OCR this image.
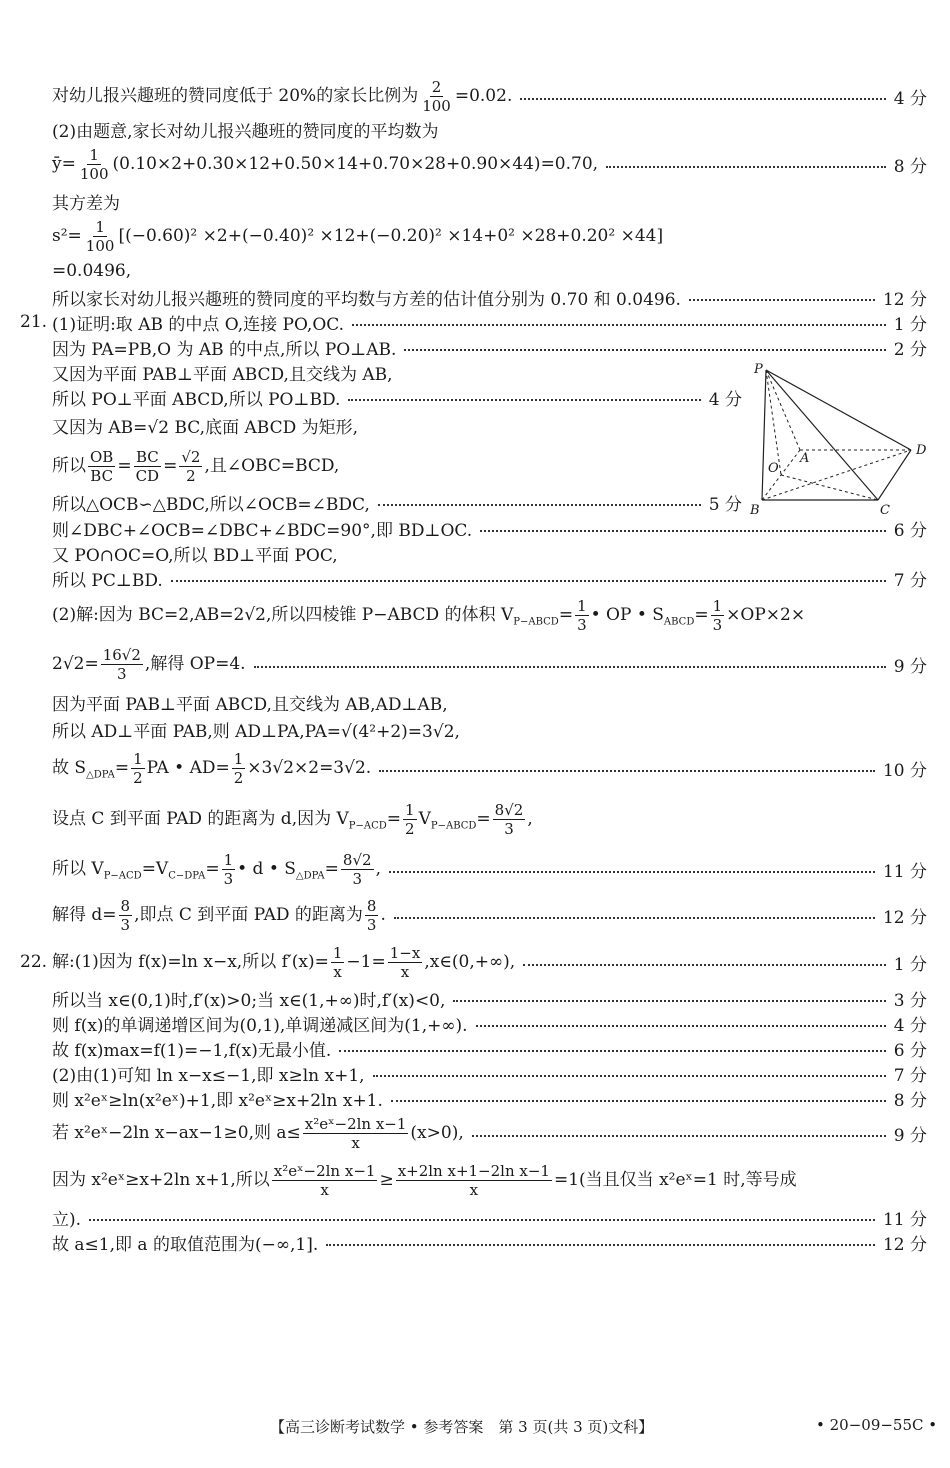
对幼儿报兴趣班的赞同度低于 20%的家长比例为 $\frac{2}{100} =0.02$.	4 分
(2)由题意,家长对幼儿报兴趣班的赞同度的平均数为
ȳ= $\frac{1}{100} (0.10\times 2+0.30\times 12+0.50\times 14+0.70\times 28+0.90\times 44)=0.70$,	8 分
其方差为
$s^2= \frac{1}{100} [(-0.60)^2 \times 2+(-0.40)^2 \times 12+(-0.20)^2 \times 14+0^2 \times 28+0.20^2 \times 44]$
=0.0496,
所以家长对幼儿报兴趣班的赞同度的平均数与方差的估计值分别为 0.70 和 0.0496.	12 分
21. (1)证明:取 AB 的中点 O,连接 PO,OC.	1 分
因为 PA=PB,O 为 AB 的中点,所以 PO⊥AB.	2 分
又因为平面 PAB⊥平面 ABCD,且交线为 AB,
所以 PO⊥平面 ABCD,所以 PO⊥BD.	4 分
又因为 AB=√2 BC,底面 ABCD 为矩形,
所以 $\frac{OB}{BC} = \frac{BC}{CD} = \frac{√2}{2}$ ,且∠OBC=BCD,
所以△OCB∽△BDC,所以∠OCB=∠BDC,	5 分
则∠DBC+∠OCB=∠DBC+∠BDC=90°,即 BD⊥OC.	6 分
又 PO∩OC=O,所以 BD⊥平面 POC,
所以 PC⊥BD.	7 分
(2)解:因为 BC=2,AB=2√2,所以四棱锥 P−ABCD 的体积 $V_{P-ABCD}= \frac{1}{3}$ • OP • $S_{ABCD}= \frac{1}{3} \times OP\times 2\times$
$2√2= \frac{16√2}{3}$ ,解得 OP=4.	9 分
因为平面 PAB⊥平面 ABCD,且交线为 AB,AD⊥AB,
所以 AD⊥平面 PAB,则 AD⊥PA,PA=√(4²+2)=3√2,
故 $S_{\triangle DPA}= \frac{1}{2}$ PA • $AD= \frac{1}{2} \times 3√2\times 2=3√2$.	10 分
设点 C 到平面 PAD 的距离为 d,因为 $V_{P-ACD}= \frac{1}{2} V_{P-ABCD}= \frac{8√2}{3}$ ,
所以 $V_{P-ACD}=V_{C-DPA}= \frac{1}{3}$ • d • $S_{\triangle DPA}= \frac{8√2}{3}$ ,	11 分
解得 $d= \frac{8}{3}$ ,即点 C 到平面 PAD 的距离为 $\frac{8}{3}$ .	12 分
22. 解:(1)因为 f(x)=ln x−x,所以 $f'(x)= \frac{1}{x} -1= \frac{1-x}{x}$ ,x∈(0,+∞),	1 分
所以当 x∈(0,1)时,f′(x)>0;当 x∈(1,+∞)时,f′(x)<0,	3 分
则 f(x)的单调递增区间为(0,1),单调递减区间为(1,+∞).	4 分
故 f(x)max=f(1)=−1,f(x)无最小值.	6 分
(2)由(1)可知 ln x−x≤−1,即 x≥ln x+1,	7 分
则 x²eˣ≥ln(x²eˣ)+1,即 x²eˣ≥x+2ln x+1.	8 分
若 x²eˣ−2ln x−ax−1≥0,则 $a\le \frac{\text{x²eˣ−2ln x−1}}{x} (x>0)$,	9 分
因为 x²eˣ≥x+2ln x+1,所以 $\frac{\text{x²eˣ−2ln x−1}}{x} \ge \frac{\text{x+2ln x+1−2ln x−1}}{x} =1$(当且仅当 x²eˣ=1 时,等号成
立).	11 分
故 a≤1,即 a 的取值范围为(−∞,1].	12 分
P
A
D
O
B	C
【高三诊断考试数学 • 参考答案　第 3 页(共 3 页)文科】	• 20−09−55C •
